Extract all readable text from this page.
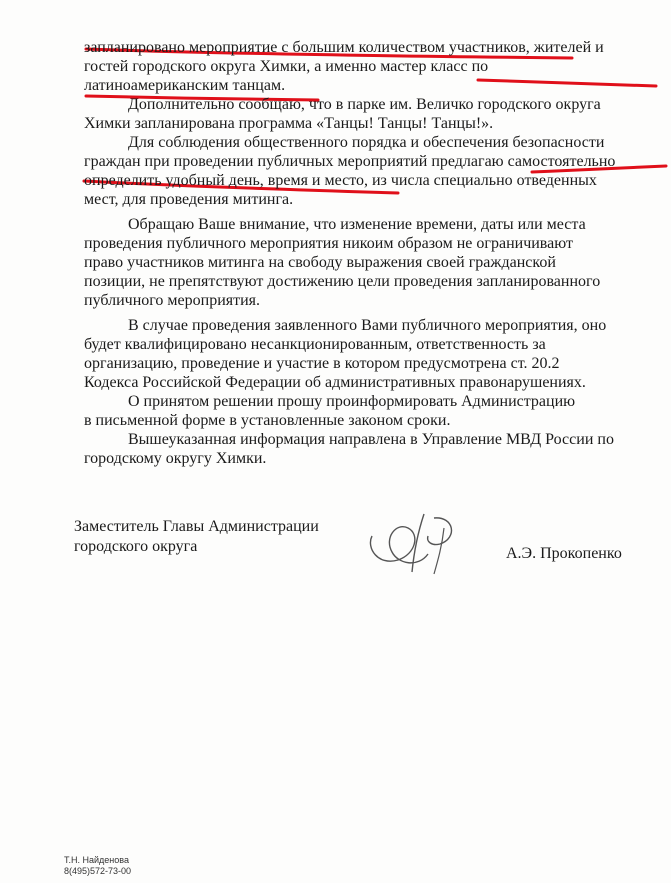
запланировано мероприятие с большим количеством участников, жителей и
гостей городского округа Химки, а именно мастер класс по
латиноамериканским танцам.

Дополнительно сообщаю, что в парке им. Величко городского округа
Химки запланирована программа «Танцы! Танцы! Танцы!».

Для соблюдения общественного порядка и обеспечения безопасности
граждан при проведении публичных мероприятий предлагаю самостоятельно
определить удобный день, время и место, из числа специально отведенных
мест, для проведения митинга.

Обращаю Ваше внимание, что изменение времени, даты или места
проведения публичного мероприятия никоим образом не ограничивают
право участников митинга на свободу выражения своей гражданской
позиции, не препятствуют достижению цели проведения запланированного
публичного мероприятия.

В случае проведения заявленного Вами публичного мероприятия, оно
будет квалифицировано несанкционированным, ответственность за
организацию, проведение и участие в котором предусмотрена ст. 20.2
Кодекса Российской Федерации об административных правонарушениях.

О принятом решении прошу проинформировать Администрацию
в письменной форме в установленные законом сроки.

Вышеуказанная информация направлена в Управление МВД России по
городскому округу Химки.

Заместитель Главы Администрации
городского округа	А.Э. Прокопенко
Т.Н. Найденова
8(495)572-73-00
